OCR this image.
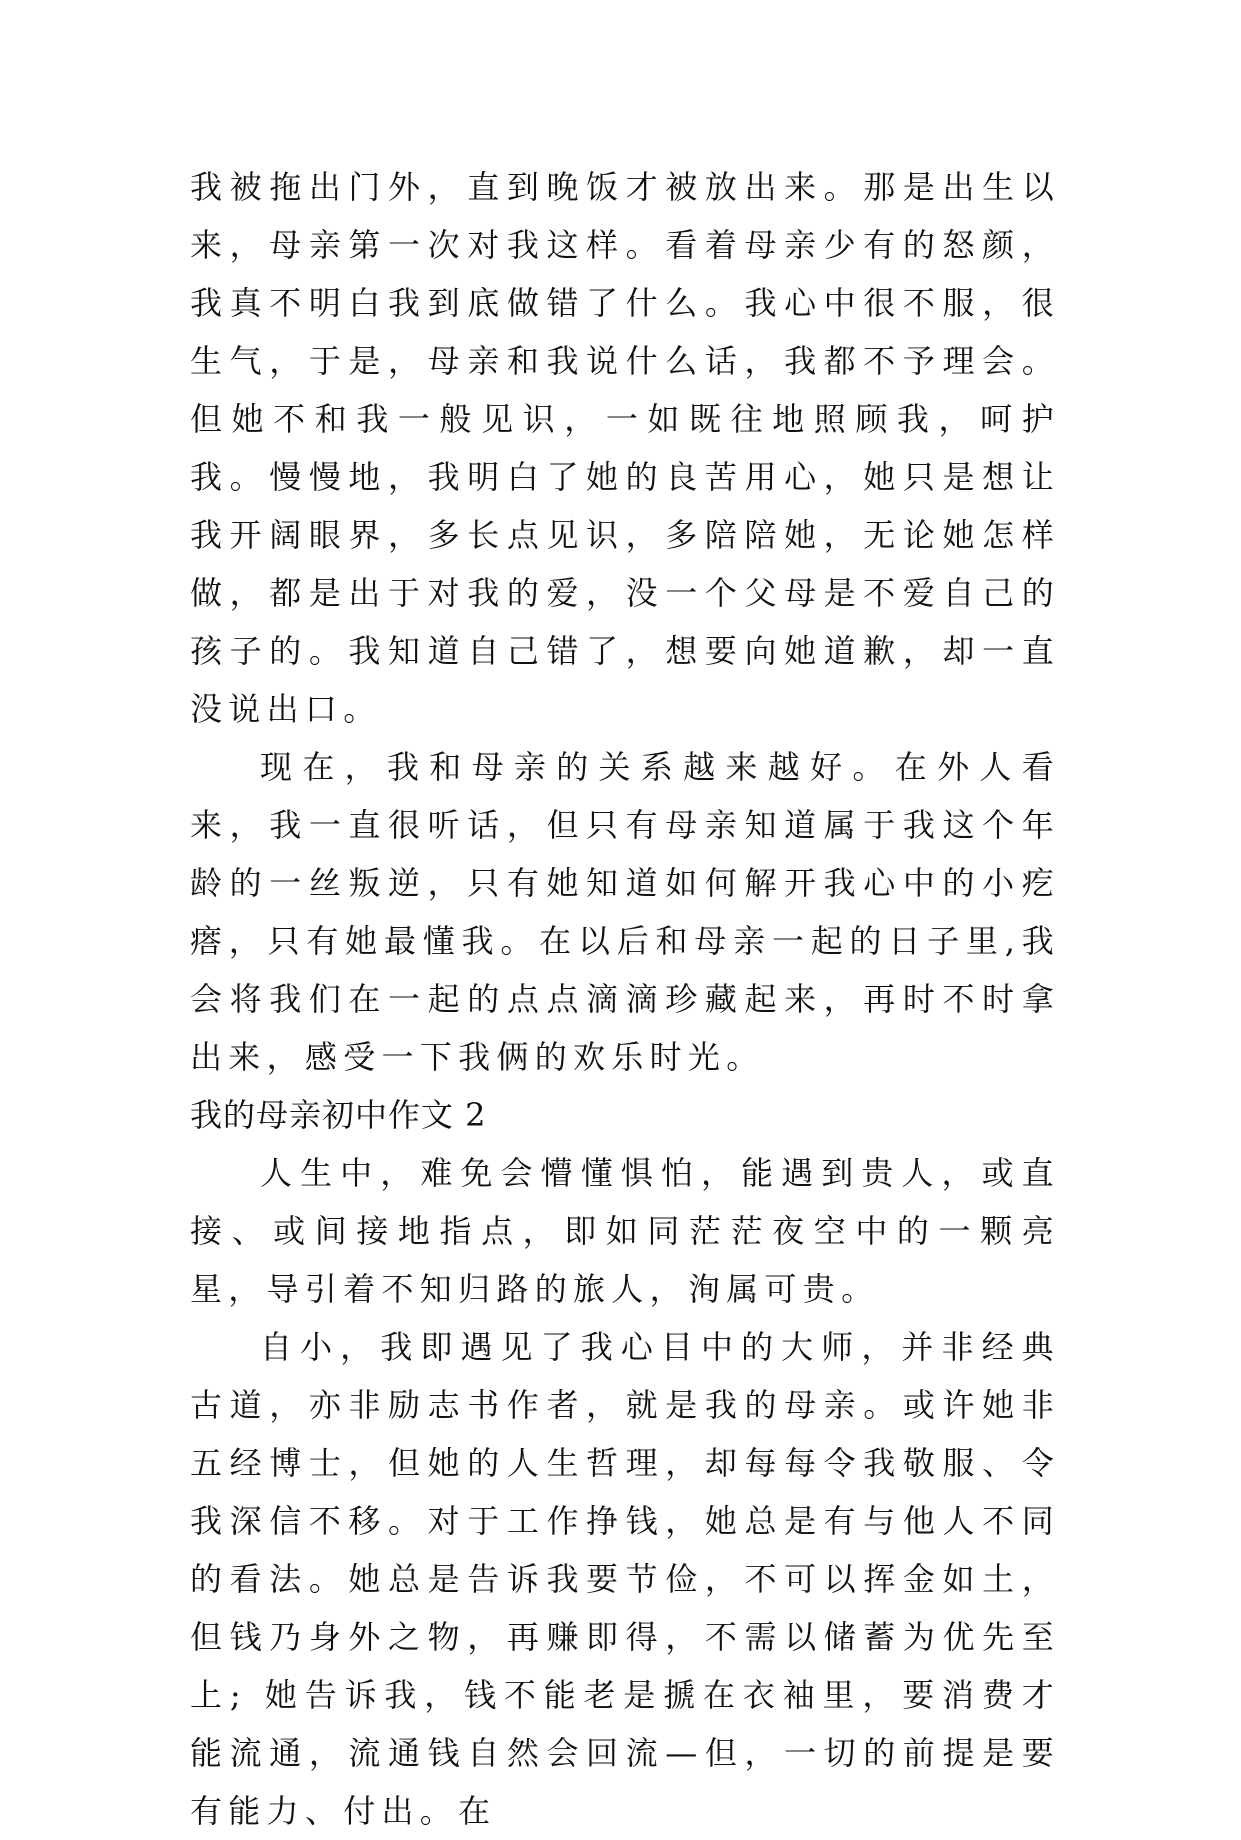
我被拖出门外，直到晚饭才被放出来。那是出生以来，母亲第一次对我这样。看着母亲少有的怒颜，我真不明白我到底做错了什么。我心中很不服，很生气，于是，母亲和我说什么话，我都不予理会。但她不和我一般见识，一如既往地照顾我，呵护我。慢慢地，我明白了她的良苦用心，她只是想让我开阔眼界，多长点见识，多陪陪她，无论她怎样做，都是出于对我的爱，没一个父母是不爱自己的孩子的。我知道自己错了，想要向她道歉，却一直没说出口。

现在，我和母亲的关系越来越好。在外人看来，我一直很听话，但只有母亲知道属于我这个年龄的一丝叛逆，只有她知道如何解开我心中的小疙瘩，只有她最懂我。在以后和母亲一起的日子里,我会将我们在一起的点点滴滴珍藏起来，再时不时拿出来，感受一下我俩的欢乐时光。

我的母亲初中作文 2

人生中，难免会懵懂惧怕，能遇到贵人，或直接、或间接地指点，即如同茫茫夜空中的一颗亮星，导引着不知归路的旅人，洵属可贵。

自小，我即遇见了我心目中的大师，并非经典古道，亦非励志书作者，就是我的母亲。或许她非五经博士，但她的人生哲理，却每每令我敬服、令我深信不移。对于工作挣钱，她总是有与他人不同的看法。她总是告诉我要节俭，不可以挥金如土，但钱乃身外之物，再赚即得，不需以储蓄为优先至上; 她告诉我，钱不能老是搋在衣袖里，要消费才能流通，流通钱自然会回流—但，一切的前提是要有能力、付出。在
